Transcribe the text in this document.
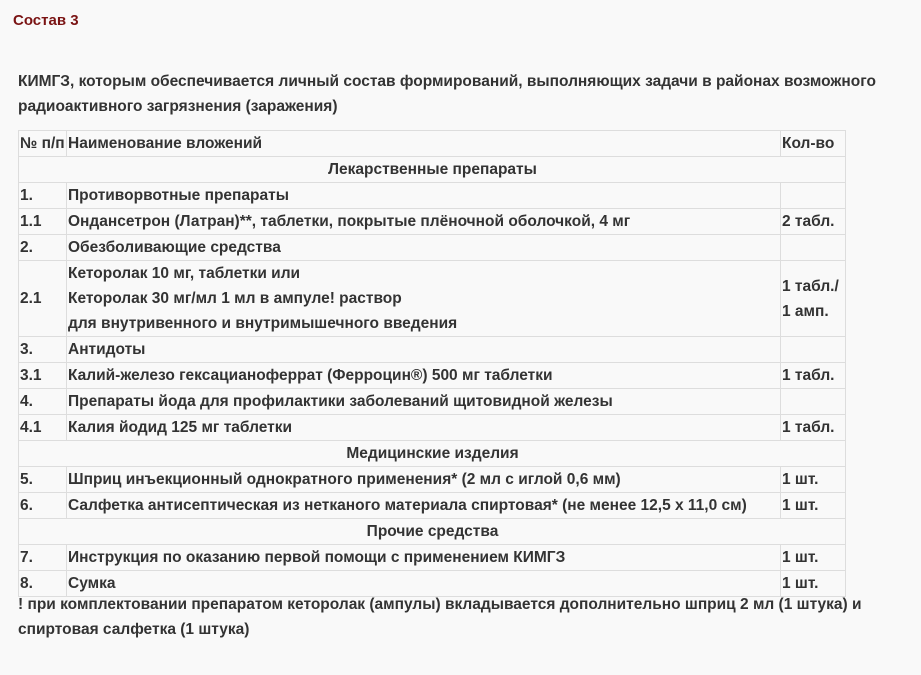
Состав 3

КИМГЗ, которым обеспечивается личный состав формирований, выполняющих задачи в районах возможного радиоактивного загрязнения (заражения)

№ п/п	Наименование вложений	Кол-во
Лекарственные препараты		
1.	Противорвотные препараты	

1.1	Ондансетрон (Латран)**, таблетки, покрытые плёночной оболочкой, 4 мг	2 табл.

2.	Обезболивающие средства	

2.1	Кеторолак 10 мг, таблетки или
Кеторолак 30 мг/мл 1 мл в ампуле! раствор
для внутривенного и внутримышечного введения	1 табл./
1 амп.

3.	Антидоты	

3.1	Калий-железо гексацианоферрат (Ферроцин®) 500 мг таблетки	1 табл.

4.	Препараты йода для профилактики заболеваний щитовидной железы	

4.1	Калия йодид 125 мг таблетки	1 табл.

Медицинские изделия		
5.	Шприц инъекционный однократного применения* (2 мл с иглой 0,6 мм)	1 шт.

6.	Салфетка антисептическая из нетканого материала спиртовая* (не менее 12,5 х 11,0 см)	1 шт.

Прочие средства		
7.	Инструкция по оказанию первой помощи с применением КИМГЗ	1 шт.

8.	Сумка	1 шт.

! при комплектовании препаратом кеторолак (ампулы) вкладывается дополнительно шприц 2 мл (1 штука) и
спиртовая салфетка (1 штука)
